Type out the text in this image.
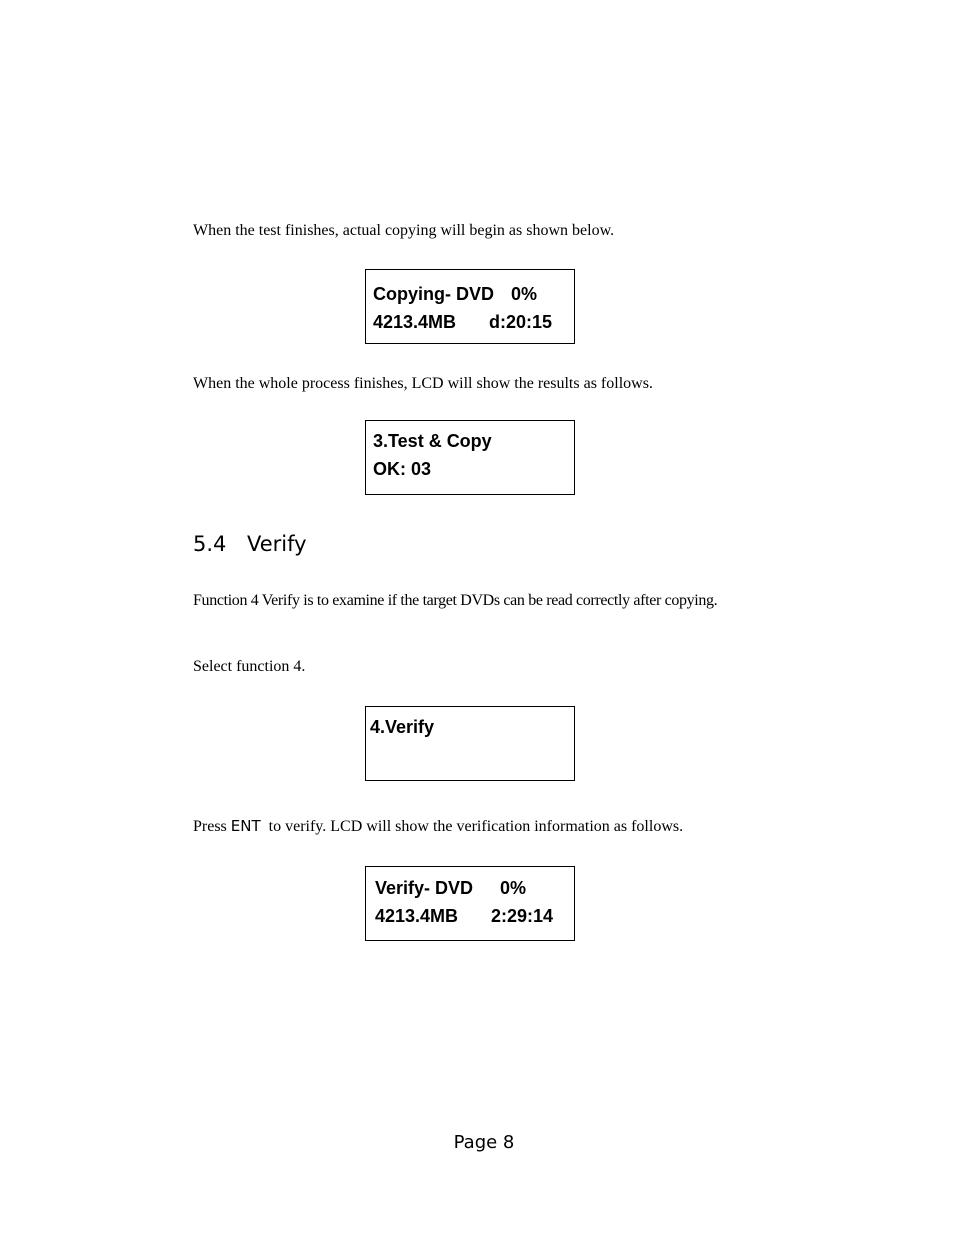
When the test finishes, actual copying will begin as shown below.

Copying- DVD 0%
4213.4MB d:20:15

When the whole process finishes, LCD will show the results as follows.

3.Test & Copy
OK: 03
5.4 Verify

Function 4 Verify is to examine if the target DVDs can be read correctly after copying.

Select function 4.

4.Verify

Press ENT to verify. LCD will show the verification information as follows.

Verify- DVD 0%
4213.4MB 2:29:14

Page 8
